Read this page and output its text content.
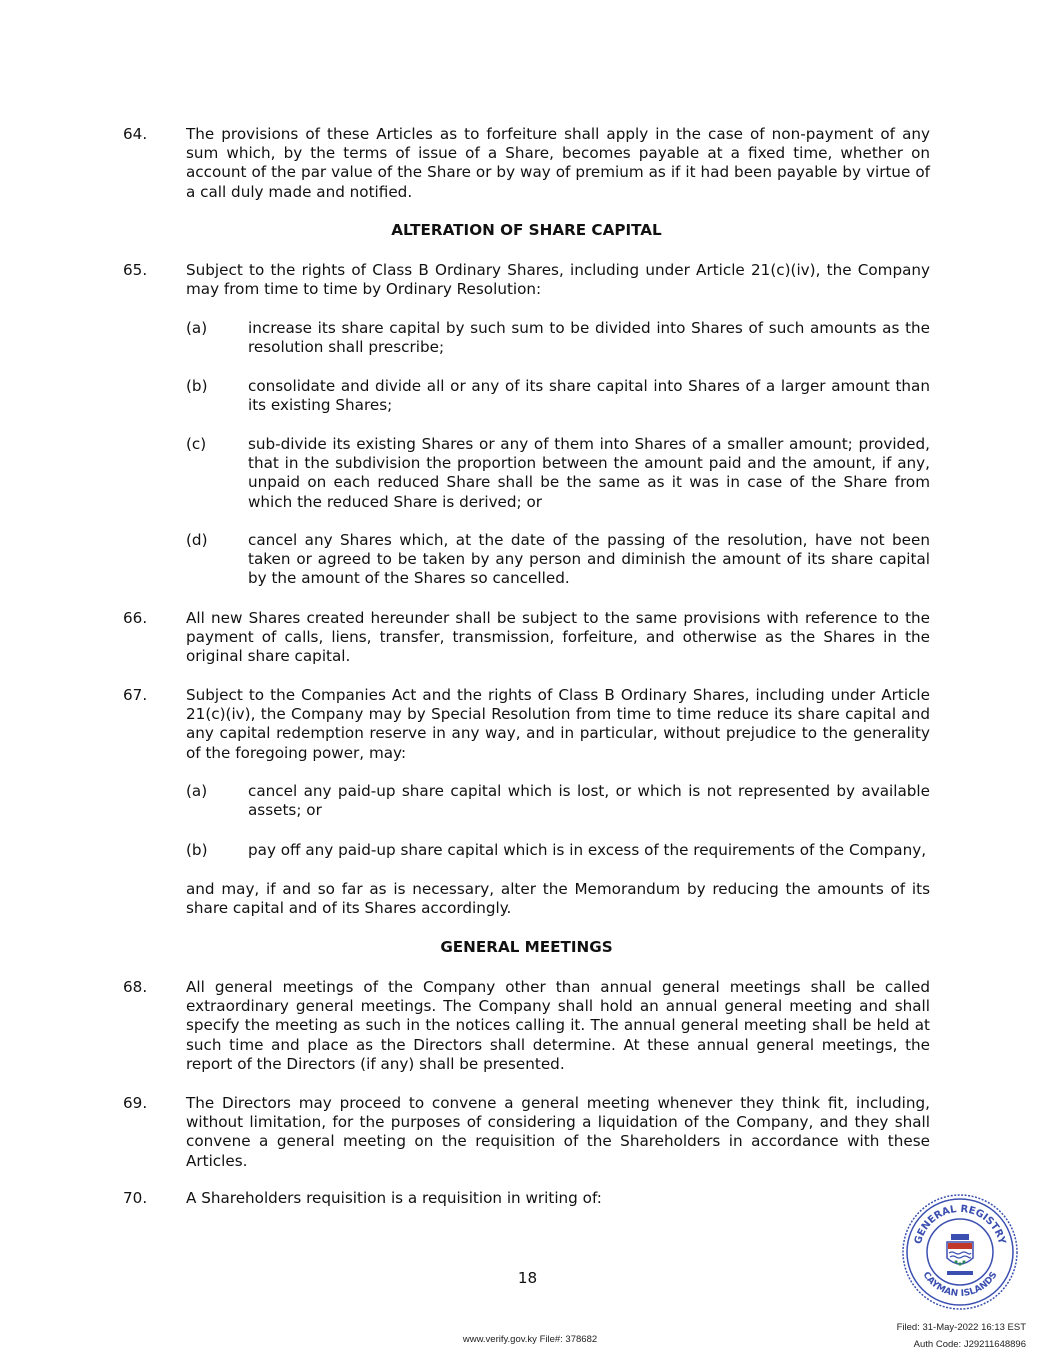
64.	The provisions of these Articles as to forfeiture shall apply in the case of non-payment of any sum which, by the terms of issue of a Share, becomes payable at a fixed time, whether on account of the par value of the Share or by way of premium as if it had been payable by virtue of a call duly made and notified.
ALTERATION OF SHARE CAPITAL
65.	Subject to the rights of Class B Ordinary Shares, including under Article 21(c)(iv), the Company may from time to time by Ordinary Resolution:
(a)	increase its share capital by such sum to be divided into Shares of such amounts as the resolution shall prescribe;
(b)	consolidate and divide all or any of its share capital into Shares of a larger amount than its existing Shares;
(c)	sub-divide its existing Shares or any of them into Shares of a smaller amount; provided, that in the subdivision the proportion between the amount paid and the amount, if any, unpaid on each reduced Share shall be the same as it was in case of the Share from which the reduced Share is derived; or
(d)	cancel any Shares which, at the date of the passing of the resolution, have not been taken or agreed to be taken by any person and diminish the amount of its share capital by the amount of the Shares so cancelled.
66.	All new Shares created hereunder shall be subject to the same provisions with reference to the payment of calls, liens, transfer, transmission, forfeiture, and otherwise as the Shares in the original share capital.
67.	Subject to the Companies Act and the rights of Class B Ordinary Shares, including under Article 21(c)(iv), the Company may by Special Resolution from time to time reduce its share capital and any capital redemption reserve in any way, and in particular, without prejudice to the generality of the foregoing power, may:
(a)	cancel any paid-up share capital which is lost, or which is not represented by available assets; or
(b)	pay off any paid-up share capital which is in excess of the requirements of the Company,
and may, if and so far as is necessary, alter the Memorandum by reducing the amounts of its share capital and of its Shares accordingly.
GENERAL MEETINGS
68.	All general meetings of the Company other than annual general meetings shall be called extraordinary general meetings. The Company shall hold an annual general meeting and shall specify the meeting as such in the notices calling it. The annual general meeting shall be held at such time and place as the Directors shall determine. At these annual general meetings, the report of the Directors (if any) shall be presented.
69.	The Directors may proceed to convene a general meeting whenever they think fit, including, without limitation, for the purposes of considering a liquidation of the Company, and they shall convene a general meeting on the requisition of the Shareholders in accordance with these Articles.
70.	A Shareholders requisition is a requisition in writing of:
18
GENERAL REGISTRY
CAYMAN ISLANDS
www.verify.gov.ky File#: 378682
Filed: 31-May-2022 16:13 EST
Auth Code: J29211648896
